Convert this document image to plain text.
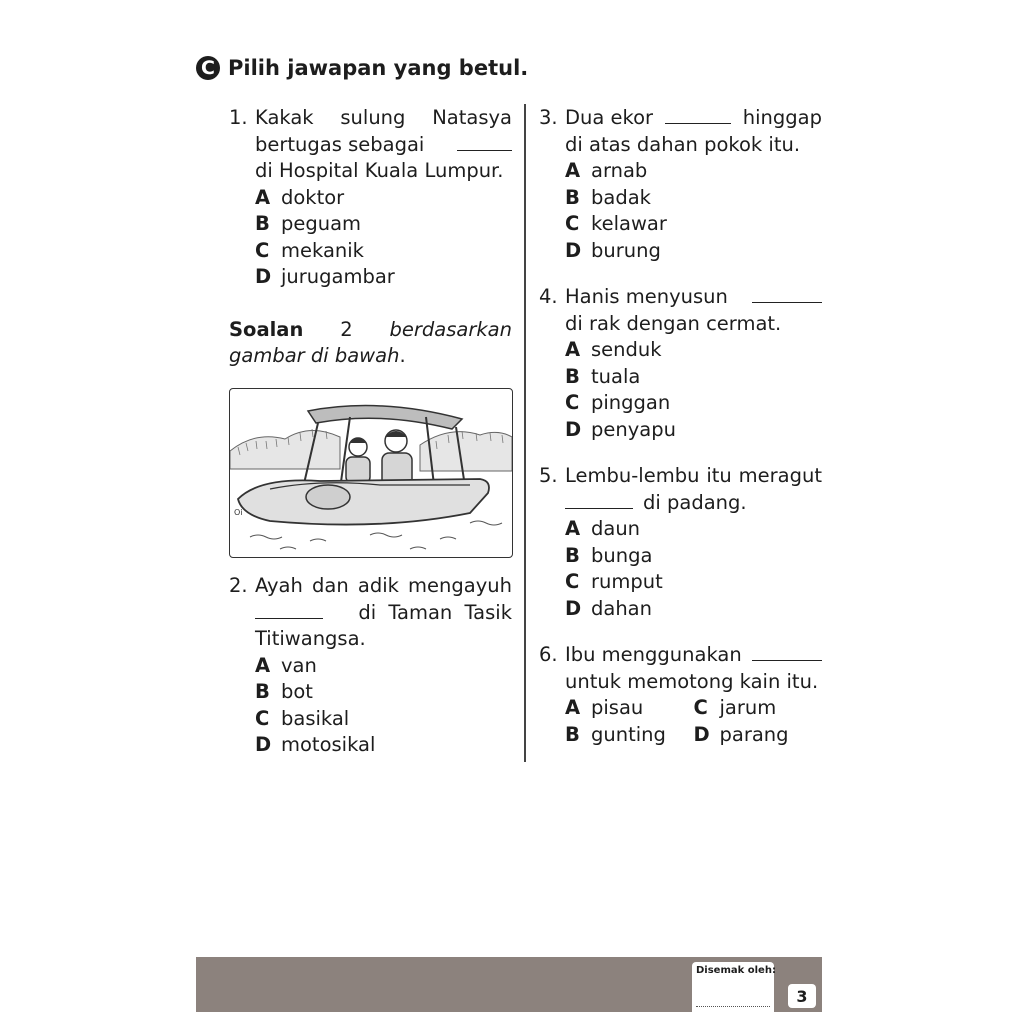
C Pilih jawapan yang betul.
1. Kakak sulung Natasya
bertugas sebagai
di Hospital Kuala Lumpur.
A doktor
B peguam
C mekanik
D jurugambar
Soalan 2 berdasarkan
gambar di bawah.
Oi
2. Ayah dan adik mengayuh
di Taman Tasik
Titiwangsa.
A van
B bot
C basikal
D motosikal
3. Dua ekor	hinggap
di atas dahan pokok itu.
A arnab
B badak
C kelawar
D burung
4. Hanis menyusun
di rak dengan cermat.
A senduk
B tuala
C pinggan
D penyapu
5. Lembu-lembu itu meragut
di padang.
A daun
B bunga
C rumput
D dahan
6. Ibu menggunakan
untuk memotong kain itu.
A pisau	C jarum
B gunting D parang
Disemak oleh:
3
